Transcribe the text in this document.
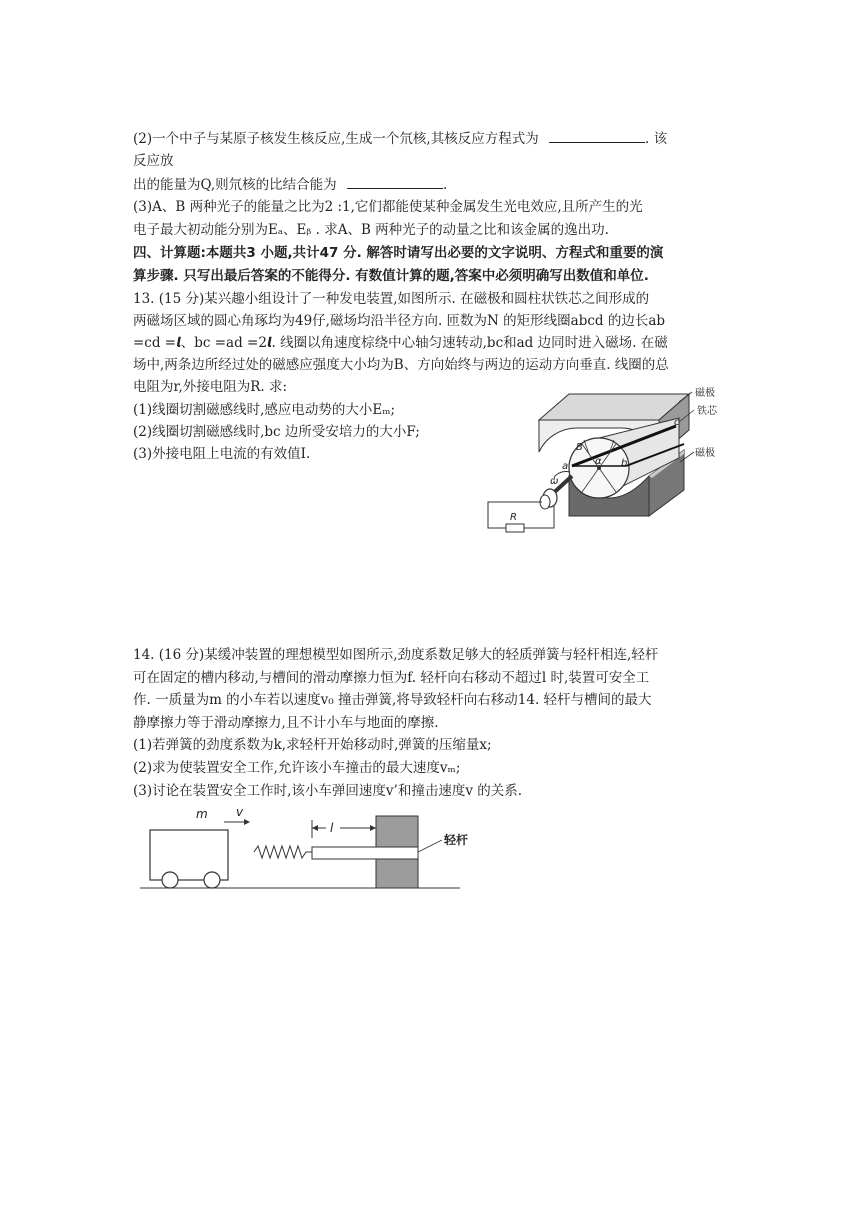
(2)一个中子与某原子核发生核反应,生成一个氘核,其核反应方程式为	. 该
反应放
出的能量为Q,则氘核的比结合能为	.
(3)A、B 两种光子的能量之比为2 :1,它们都能使某种金属发生光电效应,且所产生的光
电子最大初动能分别为Eₐ、Eᵦ . 求A、B 两种光子的动量之比和该金属的逸出功.
四、计算题:本题共3 小题,共计47 分. 解答时请写出必要的文字说明、方程式和重要的演
算步骤. 只写出最后答案的不能得分. 有数值计算的题,答案中必须明确写出数值和单位.
13. (15 分)某兴趣小组设计了一种发电装置,如图所示. 在磁极和圆柱状铁芯之间形成的
两磁场区域的圆心角琢均为49仔,磁场均沿半径方向. 匝数为N 的矩形线圈abcd 的边长ab
=cd =𝙡、bc =ad =2𝙡. 线圈以角速度棕绕中心轴匀速转动,bc和ad 边同时进入磁场. 在磁
场中,两条边所经过处的磁感应强度大小均为B、方向始终与两边的运动方向垂直. 线圈的总
电阻为r,外接电阻为R. 求:
(1)线圈切割磁感线时,感应电动势的大小Eₘ;
(2)线圈切割磁感线时,bc 边所受安培力的大小F;
(3)外接电阻上电流的有效值I.
磁极
铁芯
磁极
B
α
a	b
c
ω
R
14. (16 分)某缓冲装置的理想模型如图所示,劲度系数足够大的轻质弹簧与轻杆相连,轻杆
可在固定的槽内移动,与槽间的滑动摩擦力恒为f. 轻杆向右移动不超过l 时,装置可安全工
作. 一质量为m 的小车若以速度v₀ 撞击弹簧,将导致轻杆向右移动14. 轻杆与槽间的最大
静摩擦力等于滑动摩擦力,且不计小车与地面的摩擦.
(1)若弹簧的劲度系数为k,求轻杆开始移动时,弹簧的压缩量x;
(2)求为使装置安全工作,允许该小车撞击的最大速度vₘ;
(3)讨论在装置安全工作时,该小车弹回速度v’和撞击速度v 的关系.
m v
l
轻杆
